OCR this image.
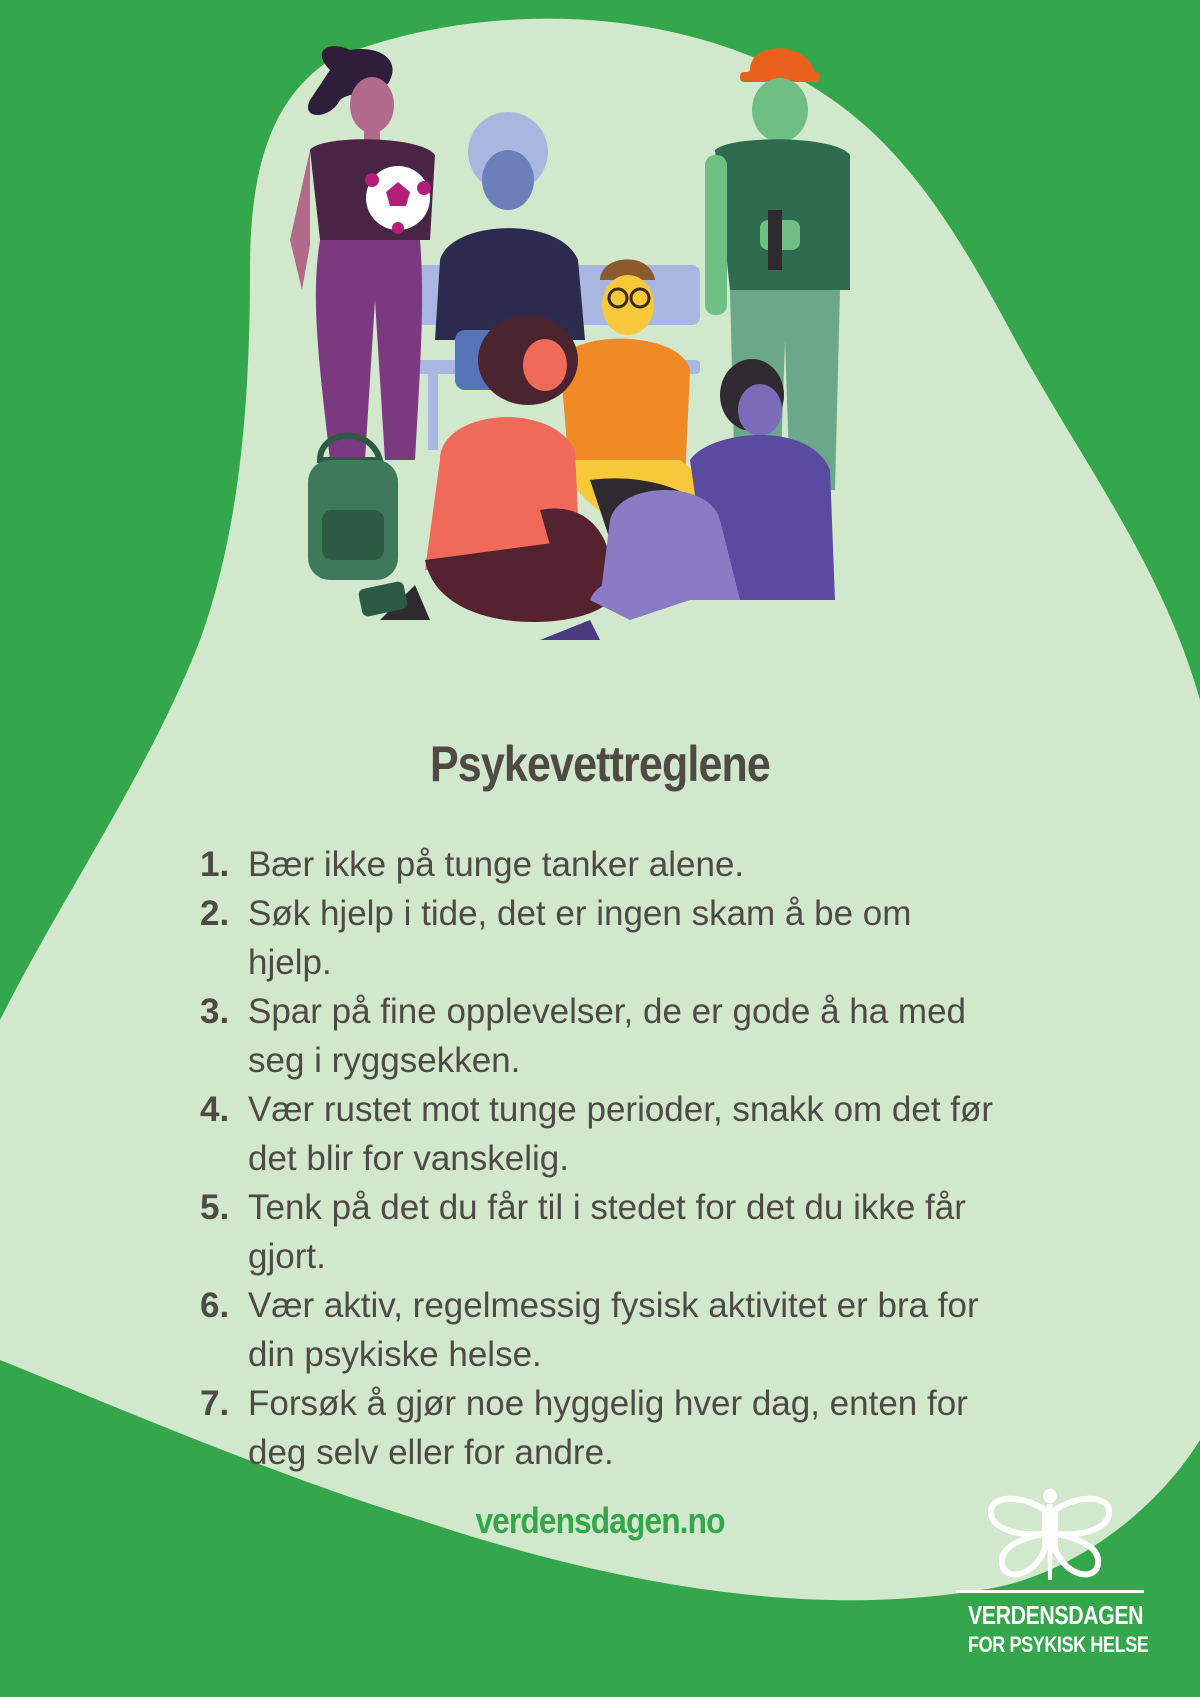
Psykevettreglene
1. Bær ikke på tunge tanker alene.
2. Søk hjelp i tide, det er ingen skam å be om hjelp.
3. Spar på fine opplevelser, de er gode å ha med seg i ryggsekken.
4. Vær rustet mot tunge perioder, snakk om det før det blir for vanskelig.
5. Tenk på det du får til i stedet for det du ikke får gjort.
6. Vær aktiv, regelmessig fysisk aktivitet er bra for din psykiske helse.
7. Forsøk å gjør noe hyggelig hver dag, enten for deg selv eller for andre.
verdensdagen.no
VERDENSDAGEN
FOR PSYKISK HELSE
